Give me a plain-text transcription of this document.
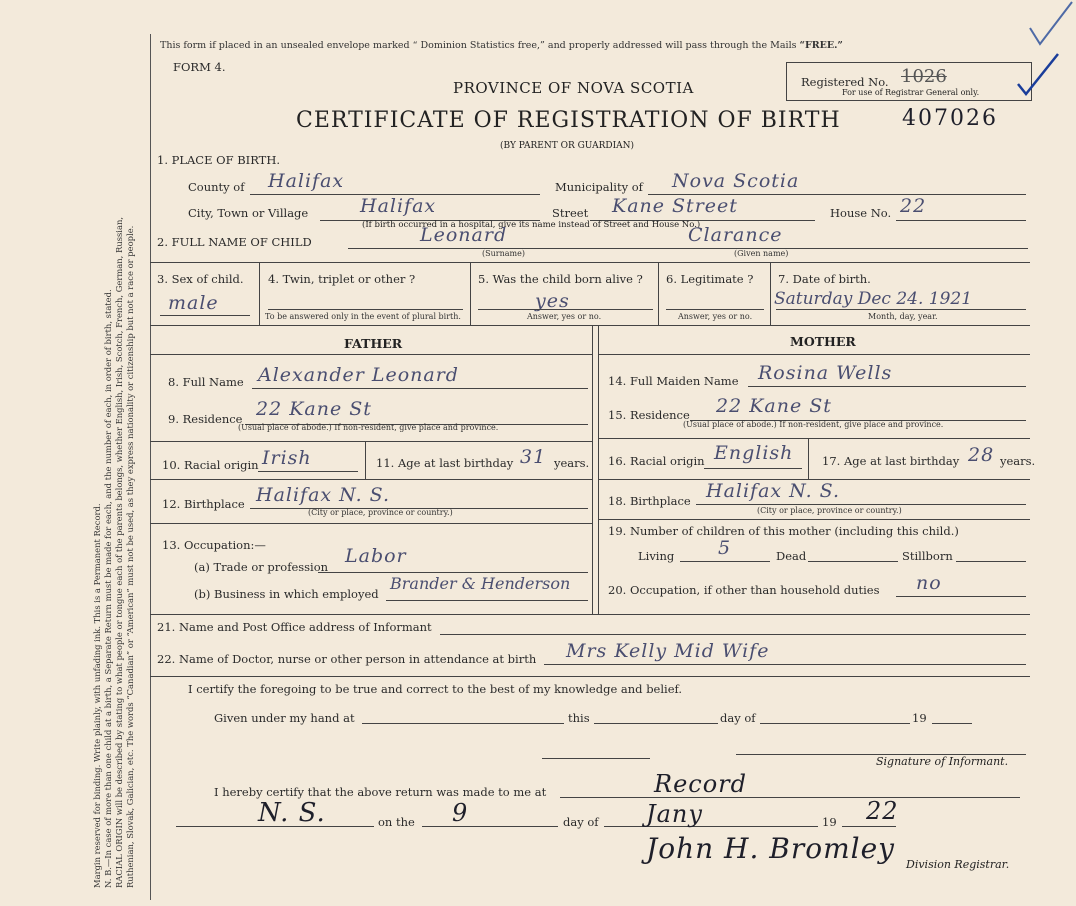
Margin reserved for binding. Write plainly, with unfading ink. This is a Permanent Record. N. B.—In case of more than one child at a birth, a Separate Return must be made for each, and the number of each, in order of birth, stated. RACIAL ORIGIN will be described by stating to what people or tongue each of the parents belongs, whether English, Irish, Scotch, French, German, Russian, Ruthenian, Slovak, Galician, etc. The words “Canadian” or “American” must not be used, as they express nationality or citizenship but not a race or people.
This form if placed in an unsealed envelope marked “ Dominion Statistics free,” and properly addressed will pass through the Mails “FREE.”
FORM 4.
PROVINCE OF NOVA SCOTIA	Registered No. 1026
For use of Registrar General only.
CERTIFICATE OF REGISTRATION OF BIRTH	407026
(BY PARENT OR GUARDIAN)
1. PLACE OF BIRTH.
County of Halifax	Municipality of Nova Scotia
City, Town or Village	Halifax	Street Kane Street	House No. 22
(If birth occurred in a hospital, give its name instead of Street and House No.)
2. FULL NAME OF CHILD	Leonard	Clarance
(Surname)	(Given name)
3. Sex of child.
male
4. Twin, triplet or other ?
To be answered only in the event of plural birth.
5. Was the child born alive ?
yes
Answer, yes or no.
6. Legitimate ?
Answer, yes or no.
7. Date of birth.
Saturday Dec 24. 1921
Month, day, year.
FATHER	MOTHER
8. Full Name Alexander Leonard
9. Residence 22 Kane St
(Usual place of abode.) If non-resident, give place and province.
10. Racial origin Irish	11. Age at last birthday 31 years.
12. Birthplace Halifax N. S.
(City or place, province or country.)
13. Occupation:—
(a) Trade or profession Labor
(b) Business in which employed
Brander & Henderson
14. Full Maiden Name Rosina Wells
15. Residence 22 Kane St
(Usual place of abode.) If non-resident, give place and province.
16. Racial origin English 17. Age at last birthday 28 years.
18. Birthplace Halifax N. S.
(City or place, province or country.)
19. Number of children of this mother (including this child.)
Living 5	Dead	Stillborn
20. Occupation, if other than household duties no
21. Name and Post Office address of Informant
22. Name of Doctor, nurse or other person in attendance at birth Mrs Kelly Mid Wife
I certify the foregoing to be true and correct to the best of my knowledge and belief.
Given under my hand at	this	day of	19
Signature of Informant.
I hereby certify that the above return was made to me at	Record
N. S.	on the 9	day of Jany	19 22
John H. Bromley Division Registrar.
